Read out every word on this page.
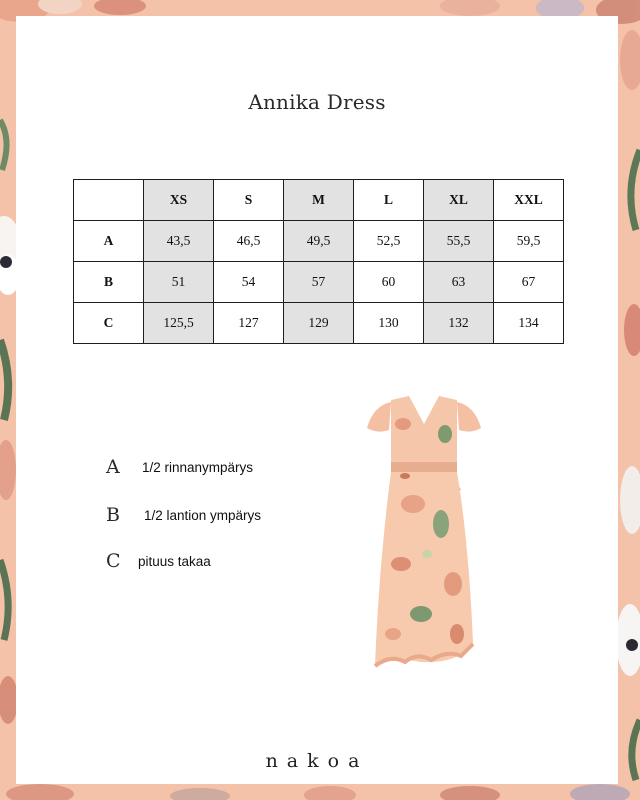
Annika Dress
	XS	S	M	L	XL	XXL
A	43,5	46,5	49,5	52,5	55,5	59,5
B	51	54	57	60	63	67
C	125,5	127	129	130	132	134
A 1/2 rinnanympärys
B 1/2 lantion ympärys
C pituus takaa
nakoa
